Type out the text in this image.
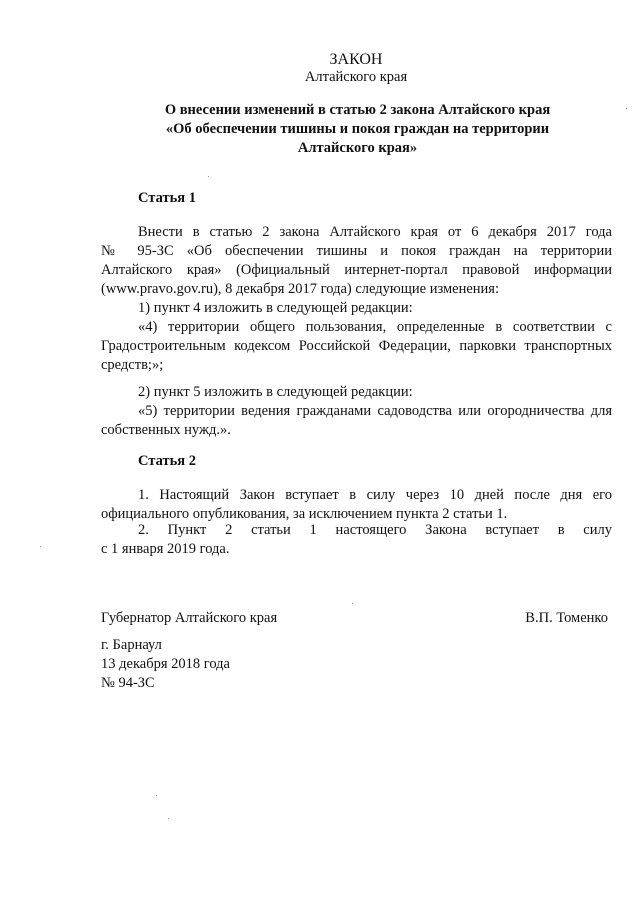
ЗАКОН
Алтайского края
О внесении изменений в статью 2 закона Алтайского края
«Об обеспечении тишины и покоя граждан на территории
Алтайского края»
Статья 1
Внести в статью 2 закона Алтайского края от 6 декабря 2017 года
№ 95-ЗС «Об обеспечении тишины и покоя граждан на территории
Алтайского края» (Официальный интернет-портал правовой информации
(www.pravo.gov.ru), 8 декабря 2017 года) следующие изменения:
1) пункт 4 изложить в следующей редакции:
«4) территории общего пользования, определенные в соответствии с
Градостроительным кодексом Российской Федерации, парковки транспортных
средств;»;
2) пункт 5 изложить в следующей редакции:
«5) территории ведения гражданами садоводства или огородничества для
собственных нужд.».
Статья 2
1. Настоящий Закон вступает в силу через 10 дней после дня его
официального опубликования, за исключением пункта 2 статьи 1.
2. Пункт 2 статьи 1 настоящего Закона вступает в силу
с 1 января 2019 года.
Губернатор Алтайского края	В.П. Томенко
г. Барнаул
13 декабря 2018 года
№ 94-ЗС
